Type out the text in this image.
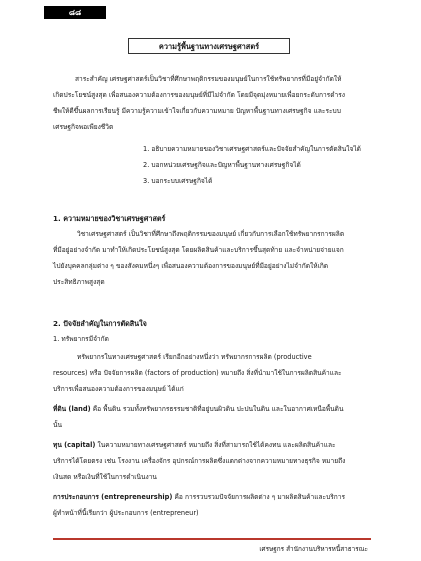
๘๘
ความรู้พื้นฐานทางเศรษฐศาสตร์
สาระสำคัญ เศรษฐศาสตร์เป็นวิชาที่ศึกษาพฤติกรรมของมนุษย์ในการใช้ทรัพยากรที่มีอยู่จำกัดให้
เกิดประโยชน์สูงสุด เพื่อสนองความต้องการของมนุษย์ที่มีไม่จำกัด โดยมีจุดมุ่งหมายเพื่อยกระดับการดำรง
ชีพให้ดีขึ้นผลการเรียนรู้ มีความรู้ความเข้าใจเกี่ยวกับความหมาย ปัญหาพื้นฐานทางเศรษฐกิจ และระบบ
เศรษฐกิจพอเพียงชีวิต
1. อธิบายความหมายของวิชาเศรษฐศาสตร์และปัจจัยสำคัญในการตัดสินใจได้
2. บอกหน่วยเศรษฐกิจและปัญหาพื้นฐานทางเศรษฐกิจได้
3. บอกระบบเศรษฐกิจได้
1. ความหมายของวิชาเศรษฐศาสตร์
วิชาเศรษฐศาสตร์ เป็นวิชาที่ศึกษาถึงพฤติกรรมของมนุษย์ เกี่ยวกับการเลือกใช้ทรัพยากรการผลิต
ที่มีอยู่อย่างจำกัด มาทำให้เกิดประโยชน์สูงสุด โดยผลิตสินค้าและบริการขึ้นสุดท้าย และจำหน่ายจ่ายแจก
ไปยังบุคคลกลุ่มต่าง ๆ ของสังคมหนึ่งๆ เพื่อสนองความต้องการของมนุษย์ที่มีอยู่อย่างไม่จำกัดให้เกิด
ประสิทธิภาพสูงสุด
2. ปัจจัยสำคัญในการตัดสินใจ
1. ทรัพยากรมีจำกัด
ทรัพยากรในทางเศรษฐศาสตร์ เรียกอีกอย่างหนึ่งว่า ทรัพยากรการผลิต (productive
resources) หรือ ปัจจัยการผลิต (factors of production) หมายถึง สิ่งที่นำมาใช้ในการผลิตสินค้าและ
บริการเพื่อสนองความต้องการของมนุษย์ ได้แก่
ที่ดิน (land) คือ พื้นดิน รวมทั้งทรัพยากรธรรมชาติที่อยู่บนผิวดิน ปะปนในดิน และในอากาศเหนือพื้นดิน
นั้น
ทุน (capital) ในความหมายทางเศรษฐศาสตร์ หมายถึง สิ่งที่สามารถใช้ได้คงทน และผลิตสินค้าและ
บริการได้โดยตรง เช่น โรงงาน เครื่องจักร อุปกรณ์การผลิตซึ่งแตกต่างจากความหมายทางธุรกิจ หมายถึง
เงินสด หรือเงินที่ใช้ในการดำเนินงาน
การประกอบการ (entrepreneurship) คือ การรวบรวมปัจจัยการผลิตต่าง ๆ มาผลิตสินค้าและบริการ
ผู้ทำหน้าที่นี้เรียกว่า ผู้ประกอบการ (entrepreneur)
เศรษฐกร สำนักงานบริหารหนี้สาธารณะ
